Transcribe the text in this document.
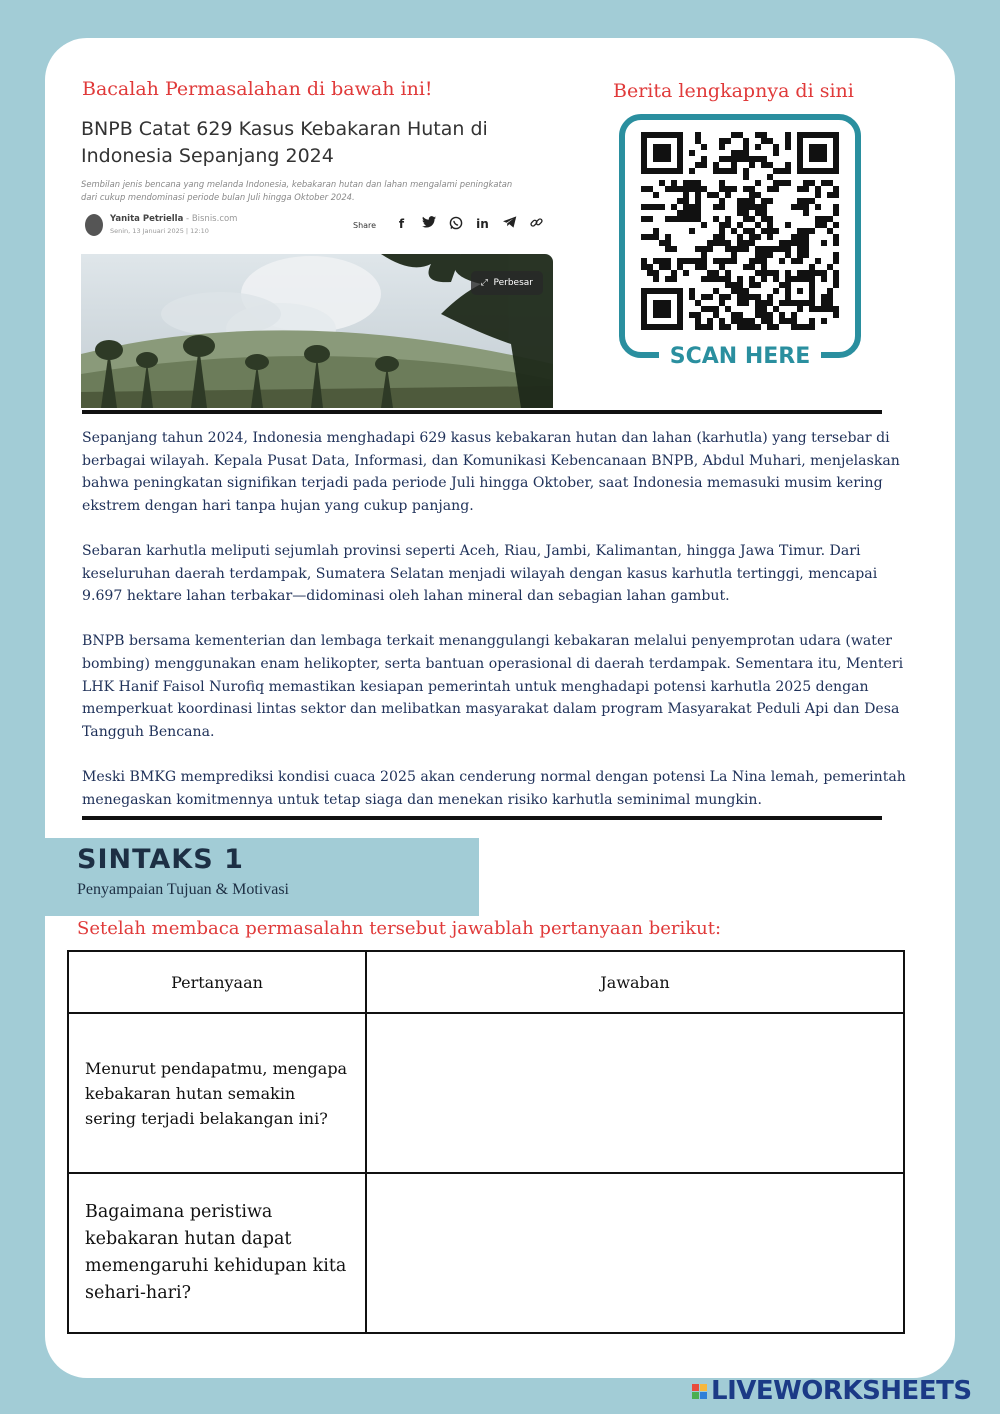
Bacalah Permasalahan di bawah ini!	Berita lengkapnya di sini
BNPB Catat 629 Kasus Kebakaran Hutan di
Indonesia Sepanjang 2024
Sembilan jenis bencana yang melanda Indonesia, kebakaran hutan dan lahan mengalami peningkatan dari cukup mendominasi periode bulan Juli hingga Oktober 2024.
Yanita Petriella - Bisnis.com
Senin, 13 Januari 2025 | 12:10
Share	f	in
⤢ Perbesar
SCAN HERE

Sepanjang tahun 2024, Indonesia menghadapi 629 kasus kebakaran hutan dan lahan (karhutla) yang tersebar di berbagai wilayah. Kepala Pusat Data, Informasi, dan Komunikasi Kebencanaan BNPB, Abdul Muhari, menjelaskan bahwa peningkatan signifikan terjadi pada periode Juli hingga Oktober, saat Indonesia memasuki musim kering ekstrem dengan hari tanpa hujan yang cukup panjang.

Sebaran karhutla meliputi sejumlah provinsi seperti Aceh, Riau, Jambi, Kalimantan, hingga Jawa Timur. Dari keseluruhan daerah terdampak, Sumatera Selatan menjadi wilayah dengan kasus karhutla tertinggi, mencapai 9.697 hektare lahan terbakar—didominasi oleh lahan mineral dan sebagian lahan gambut.

BNPB bersama kementerian dan lembaga terkait menanggulangi kebakaran melalui penyemprotan udara (water bombing) menggunakan enam helikopter, serta bantuan operasional di daerah terdampak. Sementara itu, Menteri LHK Hanif Faisol Nurofiq memastikan kesiapan pemerintah untuk menghadapi potensi karhutla 2025 dengan memperkuat koordinasi lintas sektor dan melibatkan masyarakat dalam program Masyarakat Peduli Api dan Desa Tangguh Bencana.

Meski BMKG memprediksi kondisi cuaca 2025 akan cenderung normal dengan potensi La Nina lemah, pemerintah menegaskan komitmennya untuk tetap siaga dan menekan risiko karhutla seminimal mungkin.

SINTAKS 1
Penyampaian Tujuan & Motivasi
Setelah membaca permasalahn tersebut jawablah pertanyaan berikut:
Pertanyaan	Jawaban
Menurut pendapatmu, mengapa kebakaran hutan semakin sering terjadi belakangan ini?	
Bagaimana peristiwa kebakaran hutan dapat memengaruhi kehidupan kita sehari-hari?	
LIVEWORKSHEETS
